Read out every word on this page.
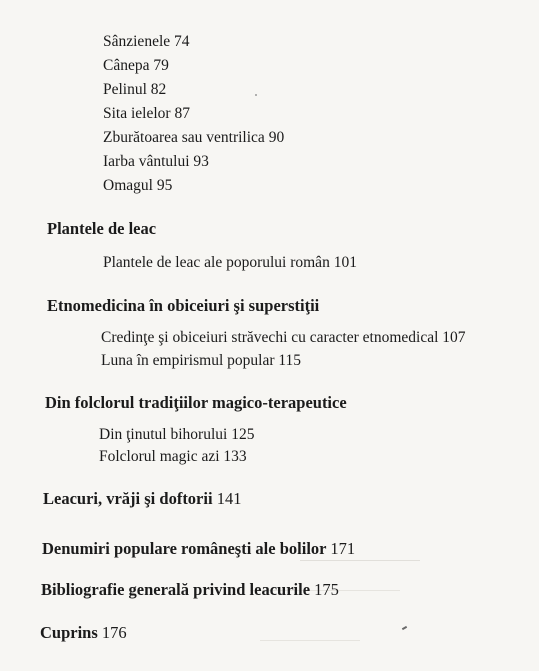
Sânzienele 74
Cânepa 79
Pelinul 82
Sita ielelor 87
Zburătoarea sau ventrilica 90
Iarba vântului 93
Omagul 95
Plantele de leac
Plantele de leac ale poporului român 101
Etnomedicina în obiceiuri şi superstiţii
Credinţe şi obiceiuri străvechi cu caracter etnomedical 107
Luna în empirismul popular 115
Din folclorul tradiţiilor magico-terapeutice
Din ţinutul bihorului 125
Folclorul magic azi 133
Leacuri, vrăji şi doftorii 141
Denumiri populare româneşti ale bolilor 171
Bibliografie generală privind leacurile 175
Cuprins 176
